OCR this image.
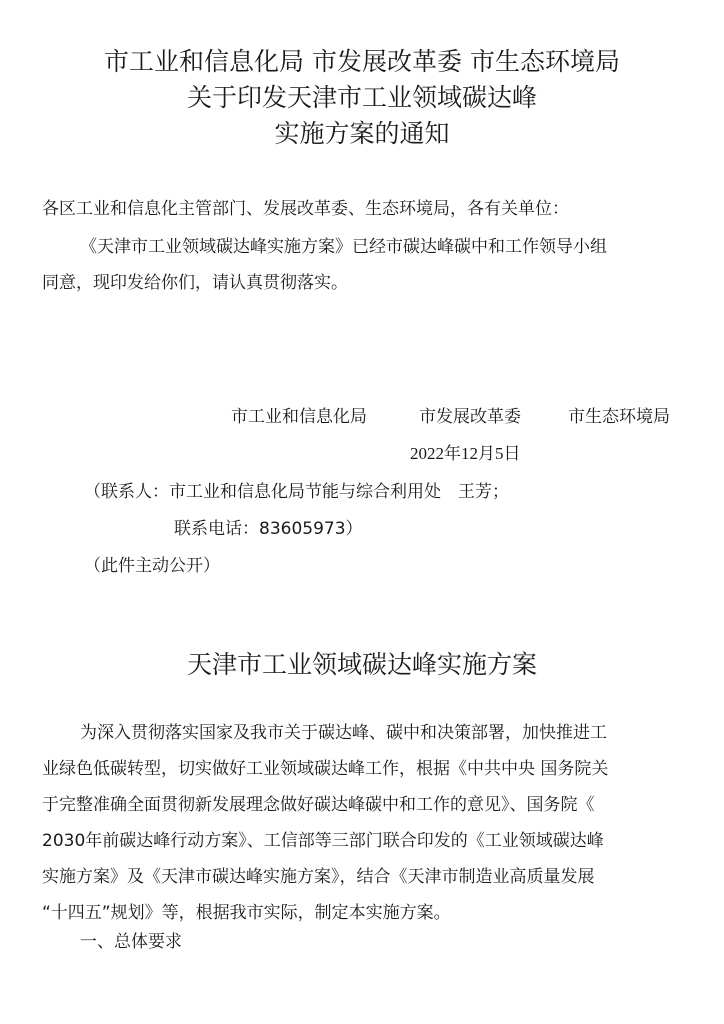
市工业和信息化局 市发展改革委 市生态环境局
关于印发天津市工业领域碳达峰
实施方案的通知
各区工业和信息化主管部门、发展改革委、生态环境局，各有关单位：
《天津市工业领域碳达峰实施方案》已经市碳达峰碳中和工作领导小组
同意，现印发给你们，请认真贯彻落实。
市工业和信息化局	市发展改革委	市生态环境局
2022年12月5日
（联系人：市工业和信息化局节能与综合利用处　王芳；
联系电话：83605973）
（此件主动公开）
天津市工业领域碳达峰实施方案
为深入贯彻落实国家及我市关于碳达峰、碳中和决策部署，加快推进工
业绿色低碳转型，切实做好工业领域碳达峰工作，根据《中共中央 国务院关
于完整准确全面贯彻新发展理念做好碳达峰碳中和工作的意见》、国务院《
2030年前碳达峰行动方案》、工信部等三部门联合印发的《工业领域碳达峰
实施方案》及《天津市碳达峰实施方案》，结合《天津市制造业高质量发展
“十四五”规划》等，根据我市实际，制定本实施方案。
一、总体要求
